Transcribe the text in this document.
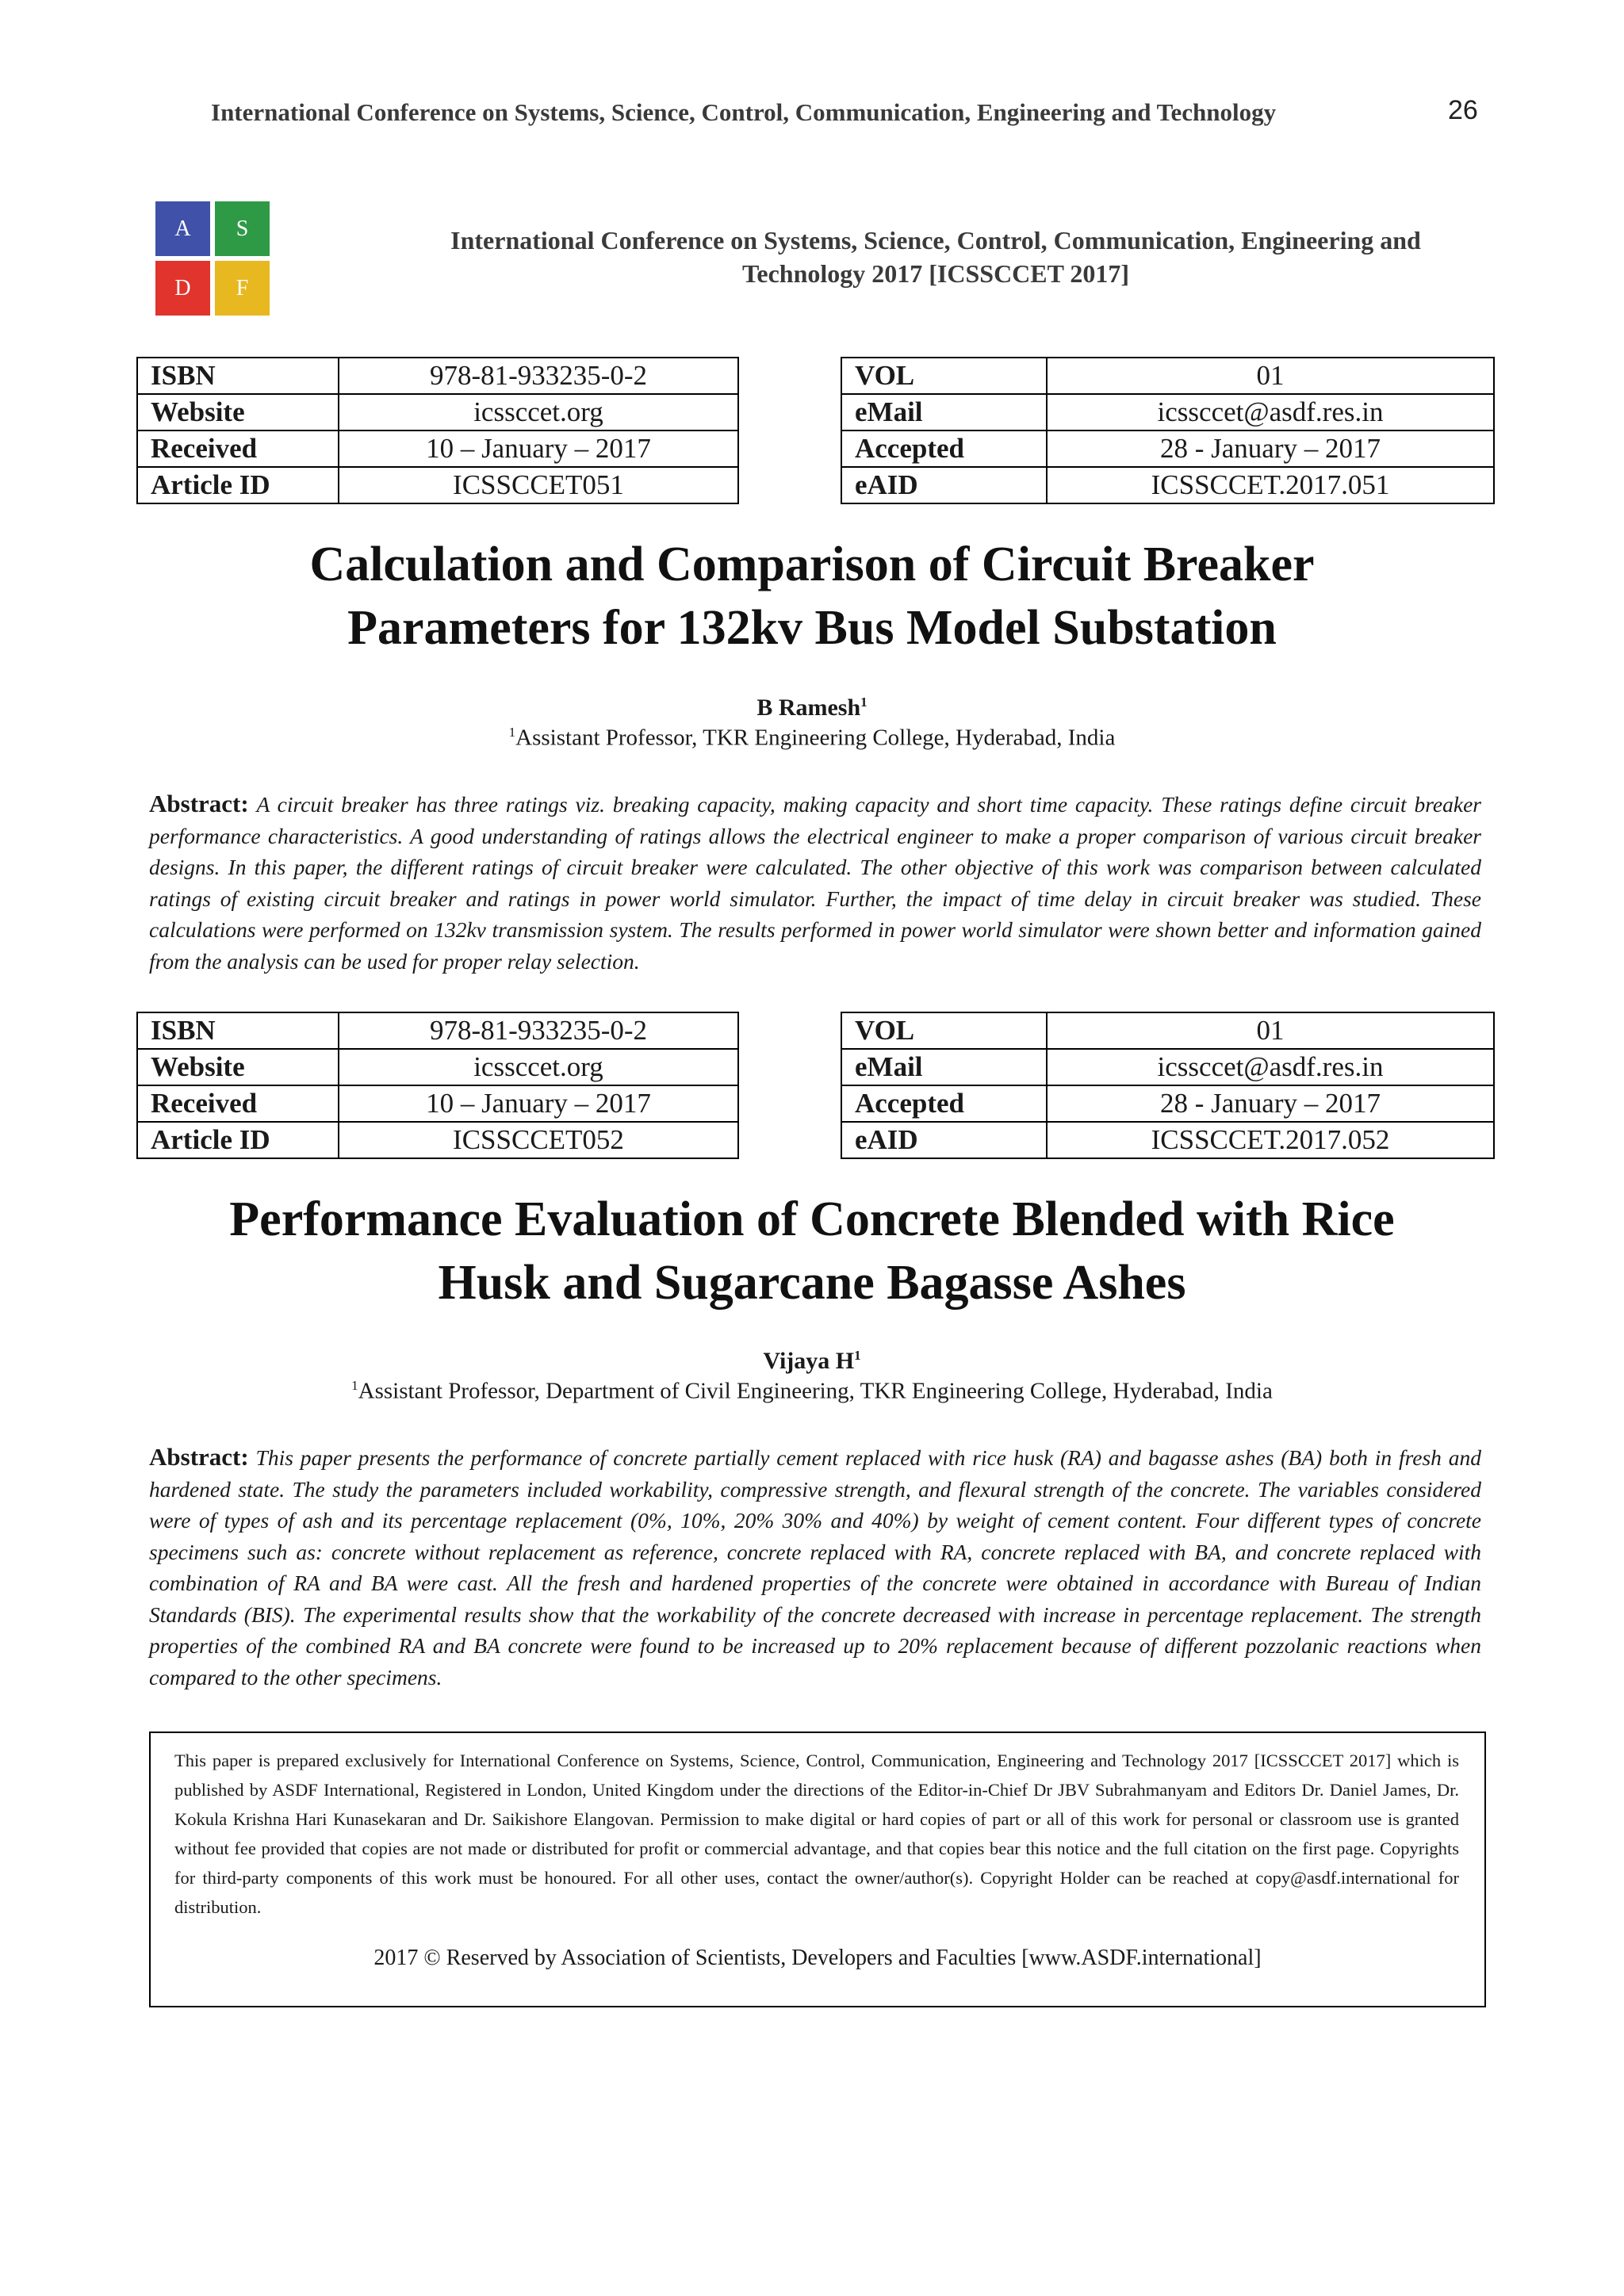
International Conference on Systems, Science, Control, Communication, Engineering and Technology	26
A	S
D	F
International Conference on Systems, Science, Control, Communication, Engineering and
Technology 2017 [ICSSCCET 2017]
ISBN	978-81-933235-0-2
Website	icssccet.org
Received	10 – January – 2017
Article ID	ICSSCCET051
VOL	01
eMail	icssccet@asdf.res.in
Accepted	28 - January – 2017
eAID	ICSSCCET.2017.051
Calculation and Comparison of Circuit Breaker
Parameters for 132kv Bus Model Substation
B Ramesh$^1$
$^1$Assistant Professor, TKR Engineering College, Hyderabad, India
Abstract: A circuit breaker has three ratings viz. breaking capacity, making capacity and short time capacity. These ratings define circuit breaker performance characteristics. A good understanding of ratings allows the electrical engineer to make a proper comparison of various circuit breaker designs. In this paper, the different ratings of circuit breaker were calculated. The other objective of this work was comparison between calculated ratings of existing circuit breaker and ratings in power world simulator. Further, the impact of time delay in circuit breaker was studied. These calculations were performed on 132kv transmission system. The results performed in power world simulator were shown better and information gained from the analysis can be used for proper relay selection.
ISBN	978-81-933235-0-2
Website	icssccet.org
Received	10 – January – 2017
Article ID	ICSSCCET052
VOL	01
eMail	icssccet@asdf.res.in
Accepted	28 - January – 2017
eAID	ICSSCCET.2017.052
Performance Evaluation of Concrete Blended with Rice
Husk and Sugarcane Bagasse Ashes
Vijaya $H^1$
$^1$Assistant Professor, Department of Civil Engineering, TKR Engineering College, Hyderabad, India
Abstract: This paper presents the performance of concrete partially cement replaced with rice husk (RA) and bagasse ashes (BA) both in fresh and hardened state. The study the parameters included workability, compressive strength, and flexural strength of the concrete. The variables considered were of types of ash and its percentage replacement (0%, 10%, 20% 30% and 40%) by weight of cement content. Four different types of concrete specimens such as: concrete without replacement as reference, concrete replaced with RA, concrete replaced with BA, and concrete replaced with combination of RA and BA were cast. All the fresh and hardened properties of the concrete were obtained in accordance with Bureau of Indian Standards (BIS). The experimental results show that the workability of the concrete decreased with increase in percentage replacement. The strength properties of the combined RA and BA concrete were found to be increased up to 20% replacement because of different pozzolanic reactions when compared to the other specimens.
This paper is prepared exclusively for International Conference on Systems, Science, Control, Communication, Engineering and Technology 2017 [ICSSCCET 2017] which is published by ASDF International, Registered in London, United Kingdom under the directions of the Editor-in-Chief Dr JBV Subrahmanyam and Editors Dr. Daniel James, Dr. Kokula Krishna Hari Kunasekaran and Dr. Saikishore Elangovan. Permission to make digital or hard copies of part or all of this work for personal or classroom use is granted without fee provided that copies are not made or distributed for profit or commercial advantage, and that copies bear this notice and the full citation on the first page. Copyrights for third-party components of this work must be honoured. For all other uses, contact the owner/author(s). Copyright Holder can be reached at copy@asdf.international for distribution.
2017 © Reserved by Association of Scientists, Developers and Faculties [www.ASDF.international]
